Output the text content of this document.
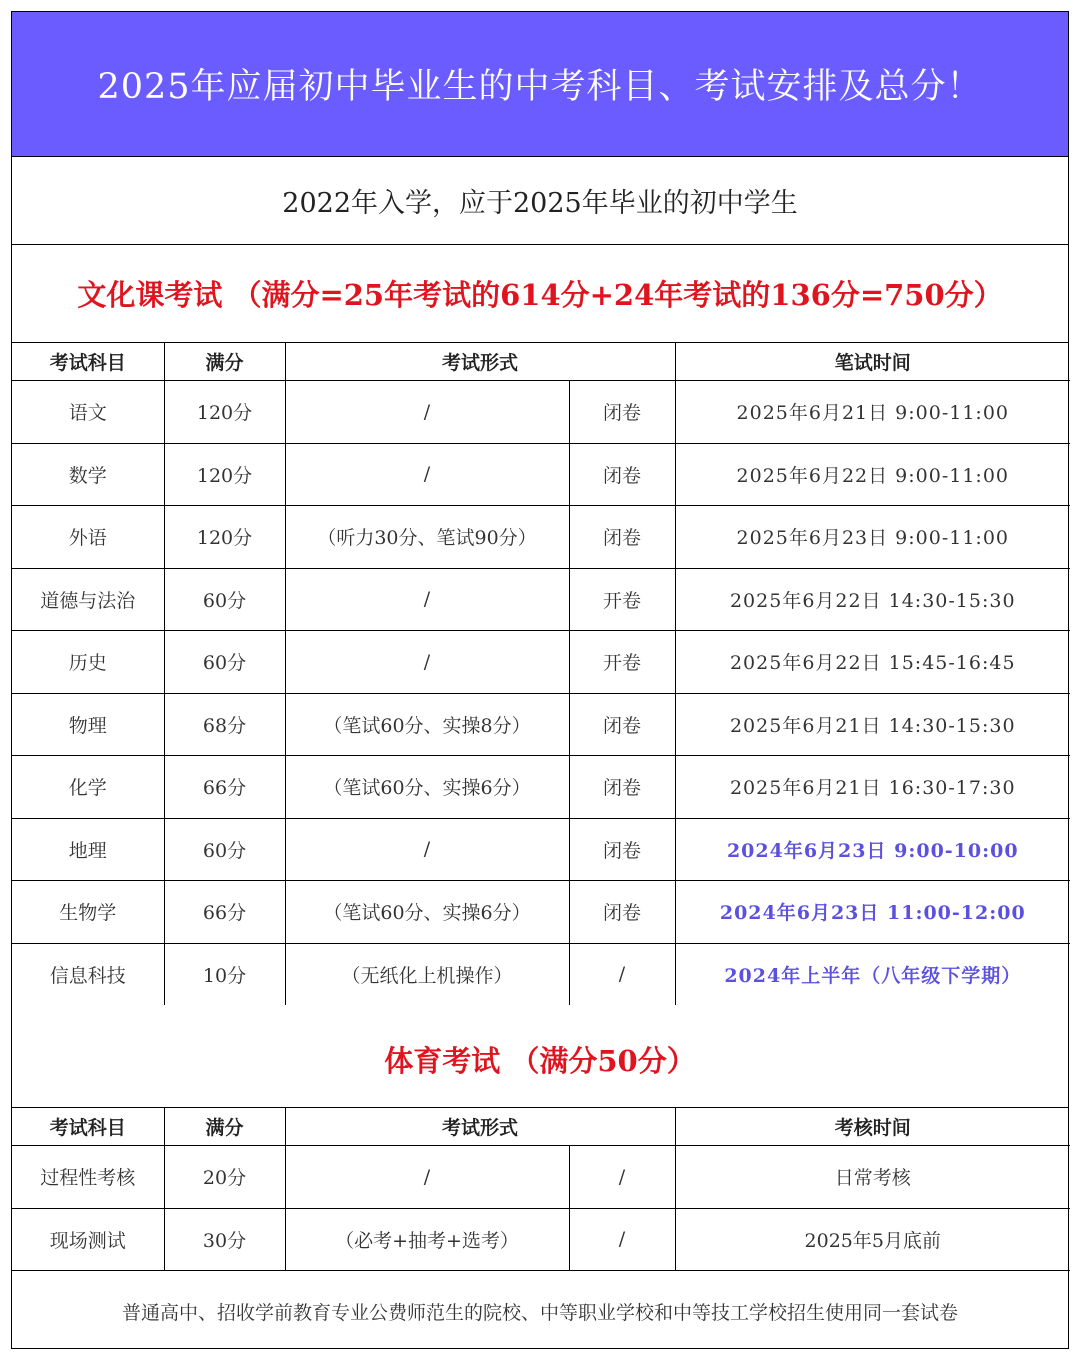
2025年应届初中毕业生的中考科目、考试安排及总分！
2022年入学，应于2025年毕业的初中学生
文化课考试 （满分=25年考试的614分+24年考试的136分=750分）
考试科目	满分	考试形式		笔试时间
语文	120分	/	闭卷	2025年6月21日 9:00-11:00
数学	120分	/	闭卷	2025年6月22日 9:00-11:00
外语	120分	（听力30分、笔试90分）	闭卷	2025年6月23日 9:00-11:00
道德与法治	60分	/	开卷	2025年6月22日 14:30-15:30
历史	60分	/	开卷	2025年6月22日 15:45-16:45
物理	68分	（笔试60分、实操8分）	闭卷	2025年6月21日 14:30-15:30
化学	66分	（笔试60分、实操6分）	闭卷	2025年6月21日 16:30-17:30
地理	60分	/	闭卷	2024年6月23日 9:00-10:00
生物学	66分	（笔试60分、实操6分）	闭卷	2024年6月23日 11:00-12:00
信息科技	10分	（无纸化上机操作）	/	2024年上半年（八年级下学期）
体育考试 （满分50分）
考试科目	满分	考试形式		考核时间
过程性考核	20分	/	/	日常考核
现场测试	30分	（必考+抽考+选考）	/	2025年5月底前
普通高中、招收学前教育专业公费师范生的院校、中等职业学校和中等技工学校招生使用同一套试卷
